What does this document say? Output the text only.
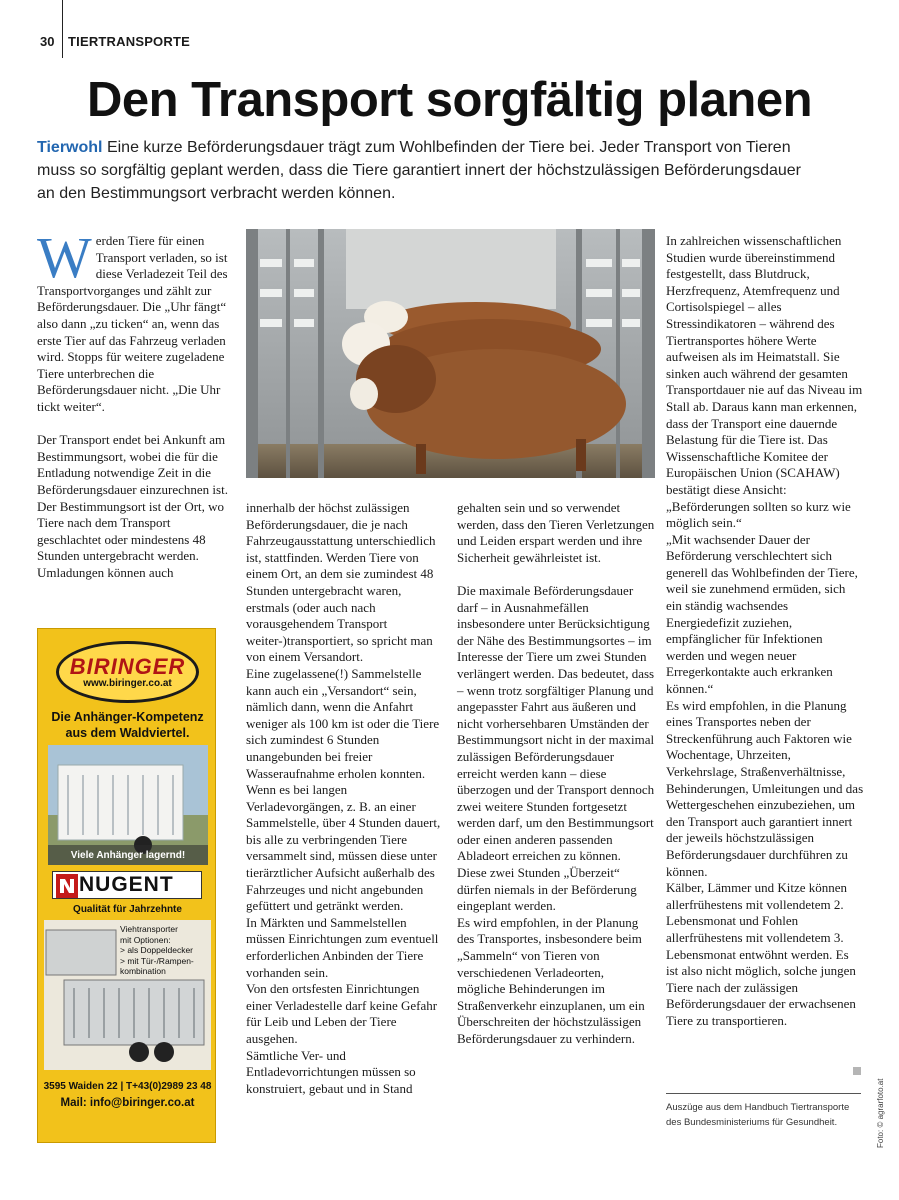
30 TIERTRANSPORTE
Den Transport sorgfältig planen
Tierwohl Eine kurze Beförderungsdauer trägt zum Wohlbefinden der Tiere bei. Jeder Transport von Tieren muss so sorgfältig geplant werden, dass die Tiere garantiert innert der höchstzulässigen Beförderungsdauer an den Bestimmungsort verbracht werden können.

Werden Tiere für einen Transport verladen, so ist diese Verladezeit Teil des Transportvorganges und zählt zur Beförderungsdauer. Die „Uhr fängt“ also dann „zu ticken“ an, wenn das erste Tier auf das Fahrzeug verladen wird. Stopps für weitere zugeladene Tiere unterbrechen die Beförderungsdauer nicht. „Die Uhr tickt weiter“.

Der Transport endet bei Ankunft am Bestimmungsort, wobei die für die Entladung notwendige Zeit in die Beförderungsdauer einzurechnen ist.

Der Bestimmungsort ist der Ort, wo Tiere nach dem Transport geschlachtet oder mindestens 48 Stunden untergebracht werden. Umladungen können auch

innerhalb der höchst zulässigen Beförderungsdauer, die je nach Fahrzeugausstattung unterschiedlich ist, stattfinden. Werden Tiere von einem Ort, an dem sie zumindest 48 Stunden untergebracht waren, erstmals (oder auch nach vorausgehendem Transport weiter-)transportiert, so spricht man von einem Versandort.

Eine zugelassene(!) Sammelstelle kann auch ein „Versandort“ sein, nämlich dann, wenn die Anfahrt weniger als 100 km ist oder die Tiere sich zumindest 6 Stunden unangebunden bei freier Wasseraufnahme erholen konnten.

Wenn es bei langen Verladevorgängen, z. B. an einer Sammelstelle, über 4 Stunden dauert, bis alle zu verbringenden Tiere versammelt sind, müssen diese unter tierärztlicher Aufsicht außerhalb des Fahrzeuges und nicht angebunden gefüttert und getränkt werden.

In Märkten und Sammelstellen müssen Einrichtungen zum eventuell erforderlichen Anbinden der Tiere vorhanden sein.

Von den ortsfesten Einrichtungen einer Verladestelle darf keine Gefahr für Leib und Leben der Tiere ausgehen.

Sämtliche Ver- und Entladevorrichtungen müssen so konstruiert, gebaut und in Stand

gehalten sein und so verwendet werden, dass den Tieren Verletzungen und Leiden erspart werden und ihre Sicherheit gewährleistet ist.

Die maximale Beförderungsdauer darf – in Ausnahmefällen insbesondere unter Berücksichtigung der Nähe des Bestimmungsortes – im Interesse der Tiere um zwei Stunden verlängert werden. Das bedeutet, dass – wenn trotz sorgfältiger Planung und angepasster Fahrt aus äußeren und nicht vorhersehbaren Umständen der Bestimmungsort nicht in der maximal zulässigen Beförderungsdauer erreicht werden kann – diese überzogen und der Transport dennoch zwei weitere Stunden fortgesetzt werden darf, um den Bestimmungsort oder einen anderen passenden Abladeort erreichen zu können.

Diese zwei Stunden „Überzeit“ dürfen niemals in der Beförderung eingeplant werden.

Es wird empfohlen, in der Planung des Transportes, insbesondere beim „Sammeln“ von Tieren von verschiedenen Verladeorten, mögliche Behinderungen im Straßenverkehr einzuplanen, um ein Überschreiten der höchstzulässigen Beförderungsdauer zu verhindern.

In zahlreichen wissenschaftlichen Studien wurde übereinstimmend festgestellt, dass Blutdruck, Herzfrequenz, Atemfrequenz und Cortisolspiegel – alles Stressindikatoren – während des Tiertransportes höhere Werte aufweisen als im Heimatstall. Sie sinken auch während der gesamten Transportdauer nie auf das Niveau im Stall ab. Daraus kann man erkennen, dass der Transport eine dauernde Belastung für die Tiere ist. Das Wissenschaftliche Komitee der Europäischen Union (SCAHAW) bestätigt diese Ansicht: „Beförderungen sollten so kurz wie möglich sein.“

„Mit wachsender Dauer der Beförderung verschlechtert sich generell das Wohlbefinden der Tiere, weil sie zunehmend ermüden, sich ein ständig wachsendes Energiedefizit zuziehen, empfänglicher für Infektionen werden und wegen neuer Erregerkontakte auch erkranken können.“

Es wird empfohlen, in die Planung eines Transportes neben der Streckenführung auch Faktoren wie Wochentage, Uhrzeiten, Verkehrslage, Straßenverhältnisse, Behinderungen, Umleitungen und das Wettergeschehen einzubeziehen, um den Transport auch garantiert innert der jeweils höchstzulässigen Beförderungsdauer durchführen zu können.

Kälber, Lämmer und Kitze können allerfrühestens mit vollendetem 2. Lebensmonat und Fohlen allerfrühestens mit vollendetem 3. Lebensmonat entwöhnt werden. Es ist also nicht möglich, solche jungen Tiere nach der zulässigen Beförderungsdauer der erwachsenen Tiere zu transportieren.

Auszüge aus dem Handbuch Tiertransporte des Bundesministeriums für Gesundheit.	Foto: © agrarfoto.at
BIRINGER
www.biringer.co.at
Die Anhänger-Kompetenz aus dem Waldviertel.
Viele Anhänger lagernd!
NUGENT
Qualität für Jahrzehnte
Viehtransporter
mit Optionen:
> als Doppeldecker
> mit Tür-/Rampen-
kombination
3595 Waiden 22 | T+43(0)2989 23 48
Mail: info@biringer.co.at
